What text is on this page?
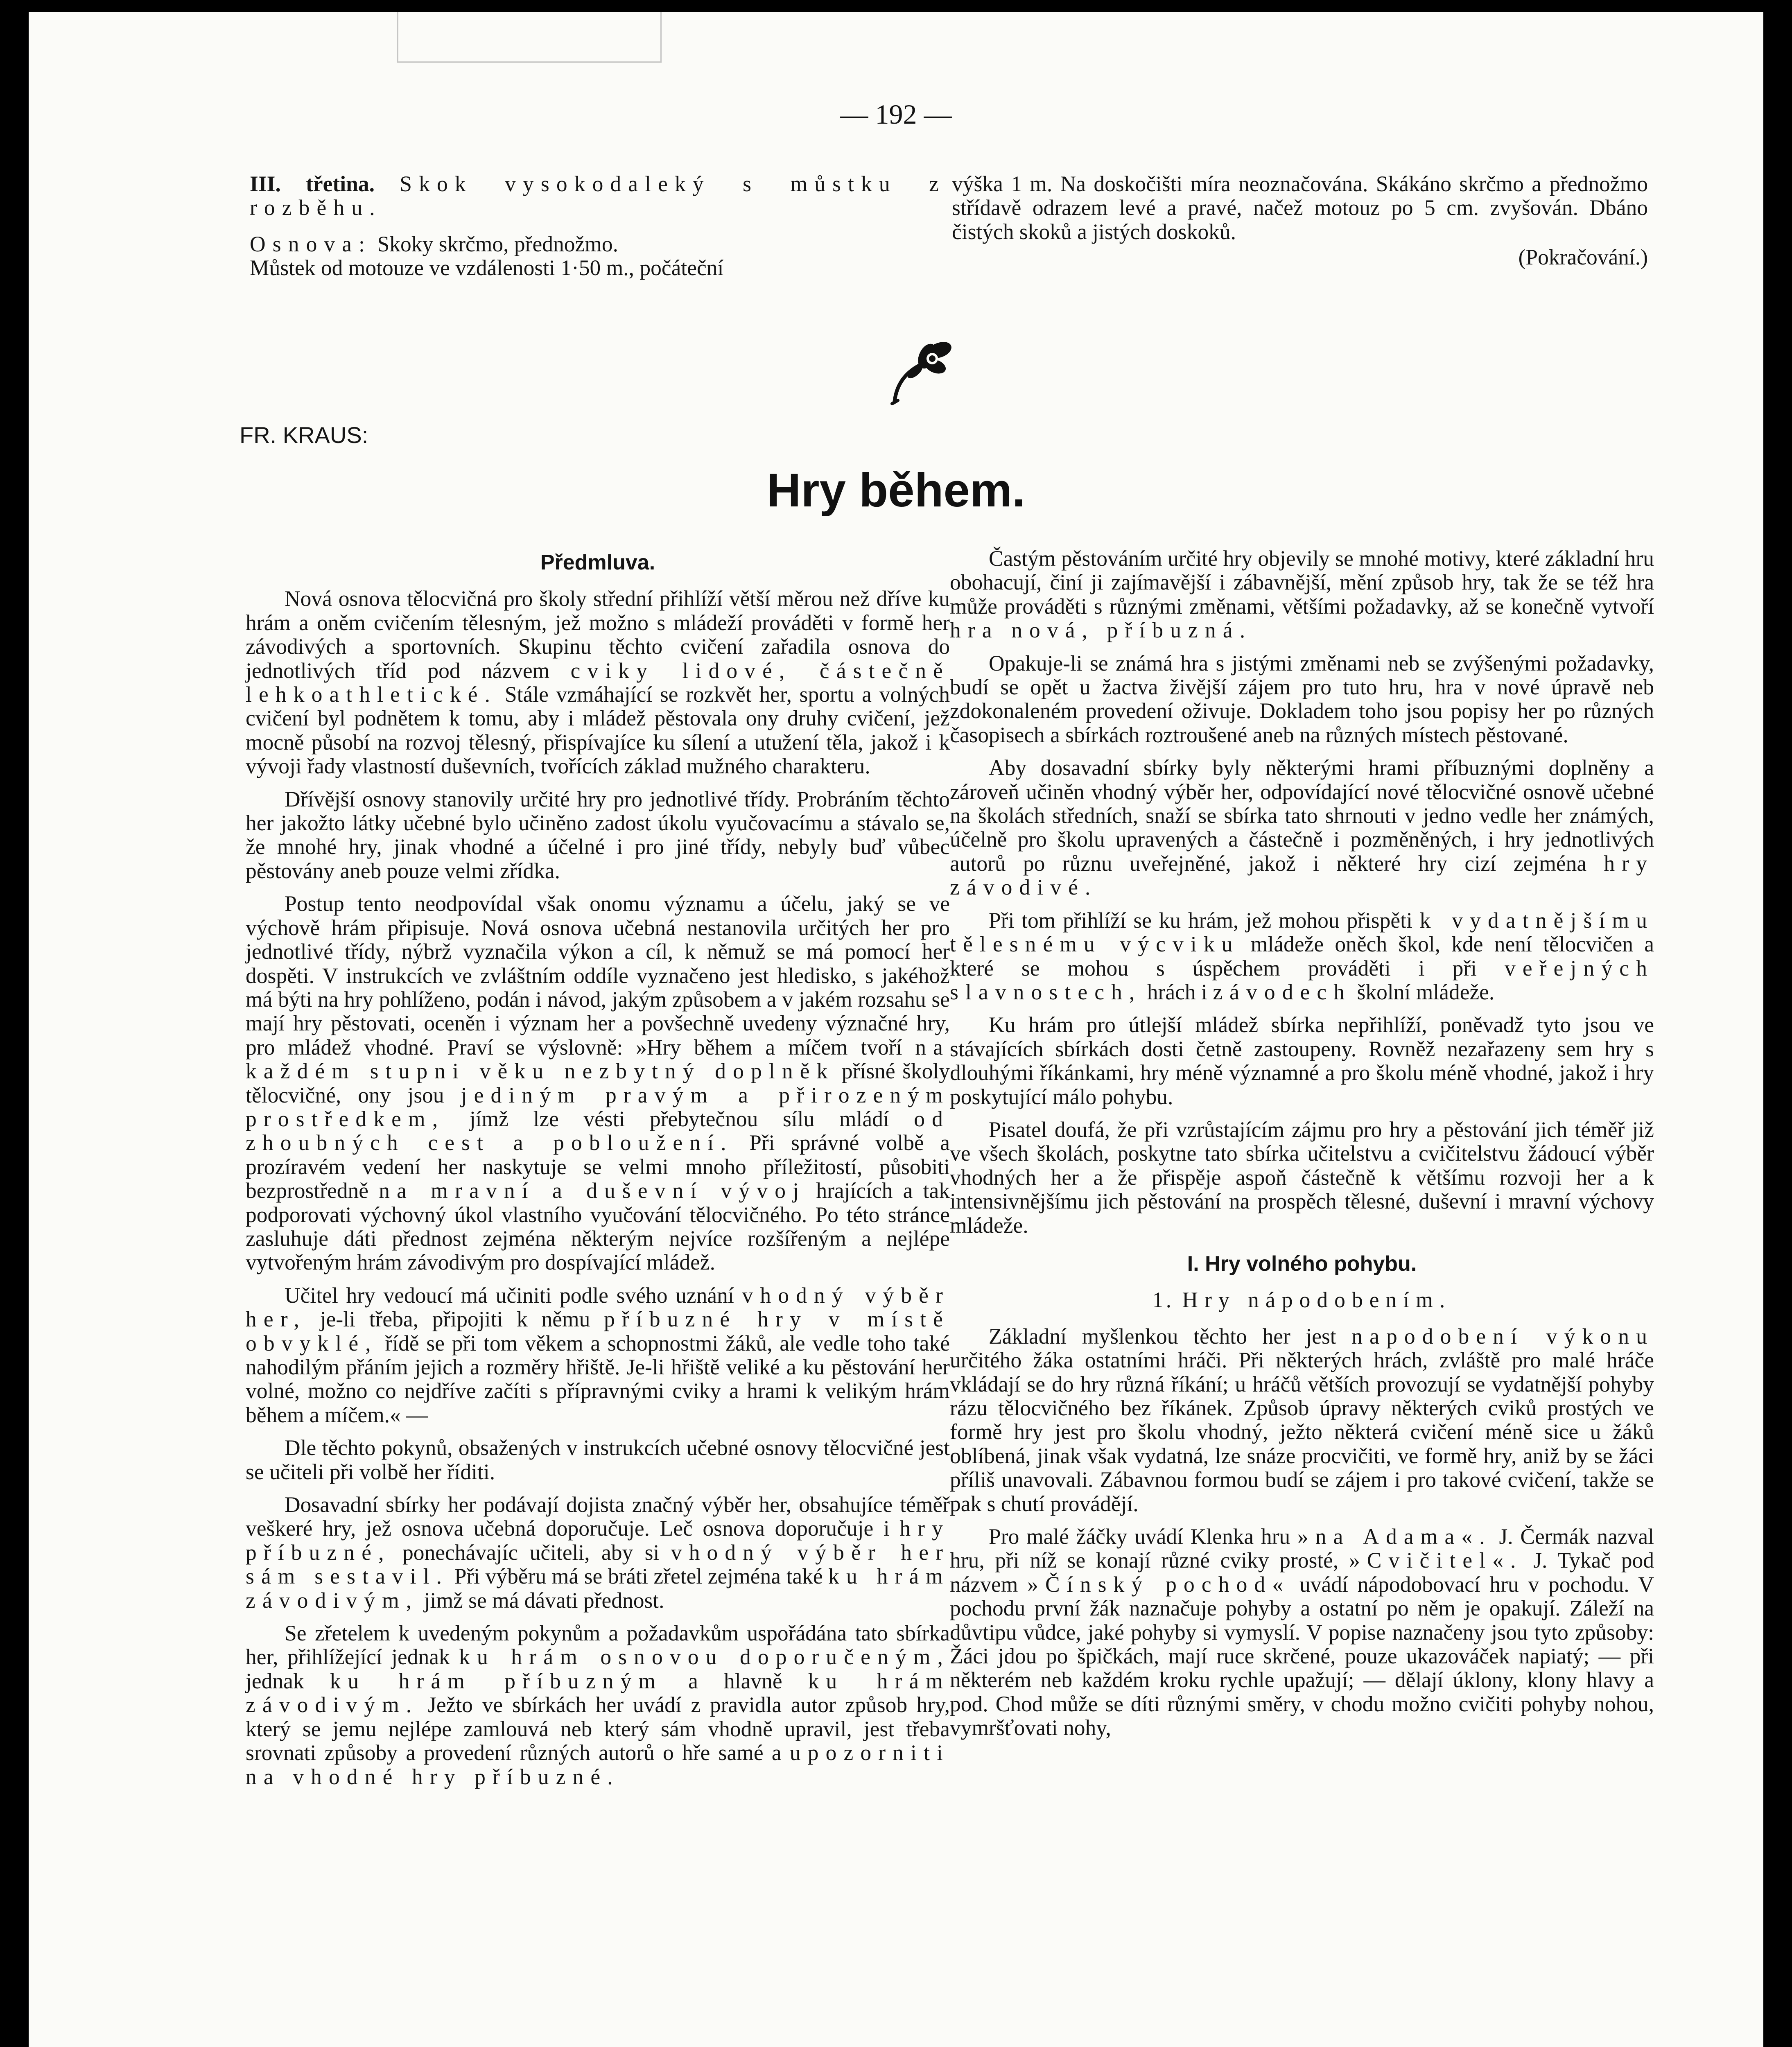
— 192 —

III. třetina. Skok vysokodaleký s můstku z rozběhu.

Osnova: Skoky skrčmo, přednožmo.

Můstek od motouze ve vzdálenosti 1·50 m., počáteční

výška 1 m. Na doskočišti míra neoznačována. Skákáno skrčmo a přednožmo střídavě odrazem levé a pravé, načež motouz po 5 cm. zvyšován. Dbáno čistých skoků a jistých doskoků.

(Pokračování.)

FR. KRAUS:
Hry během.
Předmluva.

Nová osnova tělocvičná pro školy střední přihlíží větší měrou než dříve ku hrám a oněm cvičením tělesným, jež možno s mládeží prováděti v formě her závodivých a sportovních. Skupinu těchto cvičení zařadila osnova do jednotlivých tříd pod názvem cviky lidové, částečně lehkoathletické. Stále vzmáhající se rozkvět her, sportu a volných cvičení byl podnětem k tomu, aby i mládež pěstovala ony druhy cvičení, jež mocně působí na rozvoj tělesný, přispívajíce ku sílení a utužení těla, jakož i k vývoji řady vlastností duševních, tvořících základ mužného charakteru.

Dřívější osnovy stanovily určité hry pro jednotlivé třídy. Probráním těchto her jakožto látky učebné bylo učiněno zadost úkolu vyučovacímu a stávalo se, že mnohé hry, jinak vhodné a účelné i pro jiné třídy, nebyly buď vůbec pěstovány aneb pouze velmi zřídka.

Postup tento neodpovídal však onomu významu a účelu, jaký se ve výchově hrám připisuje. Nová osnova učebná nestanovila určitých her pro jednotlivé třídy, nýbrž vyznačila výkon a cíl, k němuž se má pomocí her dospěti. V instrukcích ve zvláštním oddíle vyznačeno jest hledisko, s jakéhož má býti na hry pohlíženo, podán i návod, jakým způsobem a v jakém rozsahu se mají hry pěstovati, oceněn i význam her a povšechně uvedeny význačné hry, pro mládež vhodné. Praví se výslovně: »Hry během a míčem tvoří na každém stupni věku nezbytný doplněk přísné školy tělocvičné, ony jsou jediným pravým a přirozeným prostředkem, jímž lze vésti přebytečnou sílu mládí od zhoubných cest a pobloužení. Při správné volbě a prozíravém vedení her naskytuje se velmi mnoho příležitostí, působiti bezprostředně na mravní a duševní vývoj hrajících a tak podporovati výchovný úkol vlastního vyučování tělocvičného. Po této stránce zasluhuje dáti přednost zejména některým nejvíce rozšířeným a nejlépe vytvořeným hrám závodivým pro dospívající mládež.

Učitel hry vedoucí má učiniti podle svého uznání vhodný výběr her, je-li třeba, připojiti k němu příbuzné hry v místě obvyklé, řídě se při tom věkem a schopnostmi žáků, ale vedle toho také nahodilým přáním jejich a rozměry hřiště. Je-li hřiště veliké a ku pěstování her volné, možno co nejdříve začíti s přípravnými cviky a hrami k velikým hrám během a míčem.« —

Dle těchto pokynů, obsažených v instrukcích učebné osnovy tělocvičné jest se učiteli při volbě her říditi.

Dosavadní sbírky her podávají dojista značný výběr her, obsahujíce téměř veškeré hry, jež osnova učebná doporučuje. Leč osnova doporučuje i hry příbuzné, ponechávajíc učiteli, aby si vhodný výběr her sám sestavil. Při výběru má se bráti zřetel zejména také ku hrám závodivým, jimž se má dávati přednost.

Se zřetelem k uvedeným pokynům a požadavkům uspořádána tato sbírka her, přihlížející jednak ku hrám osnovou doporučeným, jednak ku hrám příbuzným a hlavně ku hrám závodivým. Ježto ve sbírkách her uvádí z pravidla autor způsob hry, který se jemu nejlépe zamlouvá neb který sám vhodně upravil, jest třeba srovnati způsoby a provedení různých autorů o hře samé a upozorniti na vhodné hry příbuzné.

Častým pěstováním určité hry objevily se mnohé motivy, které základní hru obohacují, činí ji zajímavější i zábavnější, mění způsob hry, tak že se též hra může prováděti s různými změnami, většími požadavky, až se konečně vytvoří hra nová, příbuzná.

Opakuje-li se známá hra s jistými změnami neb se zvýšenými požadavky, budí se opět u žactva živější zájem pro tuto hru, hra v nové úpravě neb zdokonaleném provedení oživuje. Dokladem toho jsou popisy her po různých časopisech a sbírkách roztroušené aneb na různých místech pěstované.

Aby dosavadní sbírky byly některými hrami příbuznými doplněny a zároveň učiněn vhodný výběr her, odpovídající nové tělocvičné osnově učebné na školách středních, snaží se sbírka tato shrnouti v jedno vedle her známých, účelně pro školu upravených a částečně i pozměněných, i hry jednotlivých autorů po různu uveřejněné, jakož i některé hry cizí zejména hry závodivé.

Při tom přihlíží se ku hrám, jež mohou přispěti k vydatnějšímu tělesnému výcviku mládeže oněch škol, kde není tělocvičen a které se mohou s úspěchem prováděti i při veřejných slavnostech, hrách i závodech školní mládeže.

Ku hrám pro útlejší mládež sbírka nepřihlíží, poněvadž tyto jsou ve stávajících sbírkách dosti četně zastoupeny. Rovněž nezařazeny sem hry s dlouhými říkánkami, hry méně významné a pro školu méně vhodné, jakož i hry poskytující málo pohybu.

Pisatel doufá, že při vzrůstajícím zájmu pro hry a pěstování jich téměř již ve všech školách, poskytne tato sbírka učitelstvu a cvičitelstvu žádoucí výběr vhodných her a že přispěje aspoň částečně k většímu rozvoji her a k intensivnějšímu jich pěstování na prospěch tělesné, duševní i mravní výchovy mládeže.

I. Hry volného pohybu.
1. Hry nápodobením.

Základní myšlenkou těchto her jest napodobení výkonu určitého žáka ostatními hráči. Při některých hrách, zvláště pro malé hráče vkládají se do hry různá říkání; u hráčů větších provozují se vydatnější pohyby rázu tělocvičného bez říkánek. Způsob úpravy některých cviků prostých ve formě hry jest pro školu vhodný, ježto některá cvičení méně sice u žáků oblíbená, jinak však vydatná, lze snáze procvičiti, ve formě hry, aniž by se žáci příliš unavovali. Zábavnou formou budí se zájem i pro takové cvičení, takže se pak s chutí provádějí.

Pro malé žáčky uvádí Klenka hru »na Adama«. J. Čermák nazval hru, při níž se konají různé cviky prosté, »Cvičitel«. J. Tykač pod názvem »Čínský pochod« uvádí nápodobovací hru v pochodu. V pochodu první žák naznačuje pohyby a ostatní po něm je opakují. Záleží na důvtipu vůdce, jaké pohyby si vymyslí. V popise naznačeny jsou tyto způsoby: Žáci jdou po špičkách, mají ruce skrčené, pouze ukazováček napiatý; — při některém neb každém kroku rychle upažují; — dělají úklony, klony hlavy a pod. Chod může se díti různými směry, v chodu možno cvičiti pohyby nohou, vymršťovati nohy,
